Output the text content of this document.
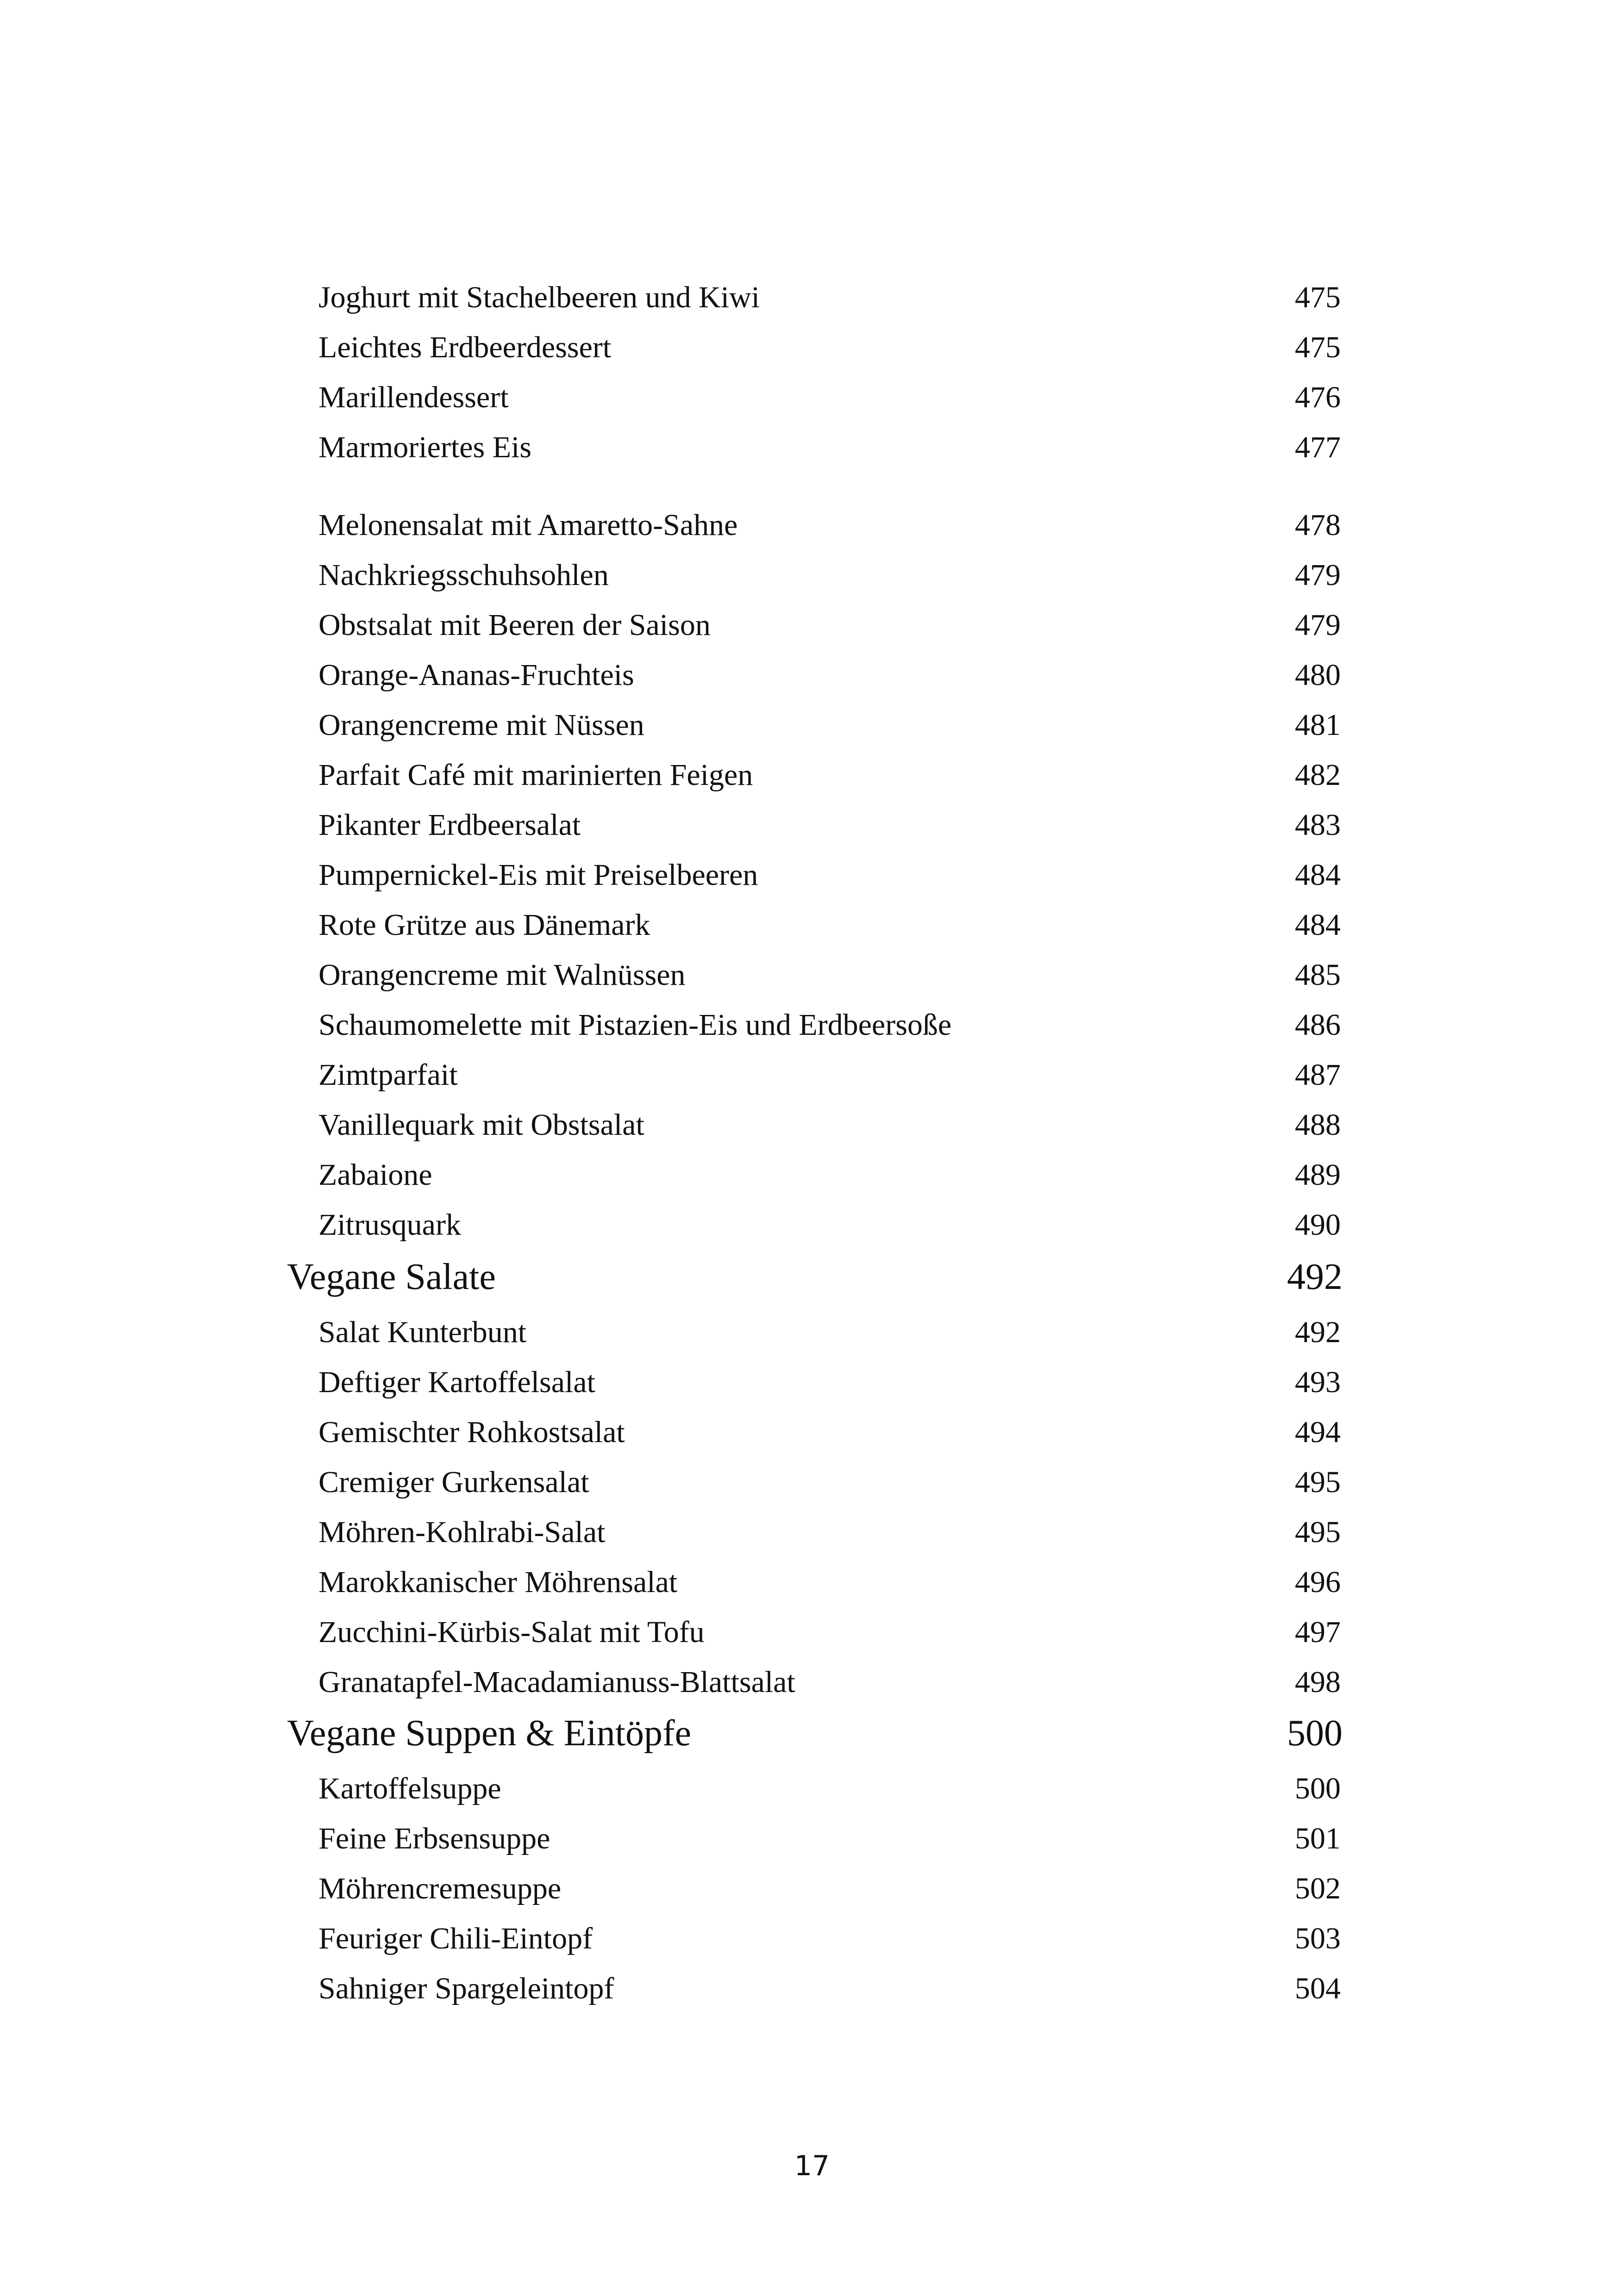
Joghurt mit Stachelbeeren und Kiwi	475
Leichtes Erdbeerdessert	475
Marillendessert	476
Marmoriertes Eis	477
Melonensalat mit Amaretto-Sahne	478
Nachkriegsschuhsohlen	479
Obstsalat mit Beeren der Saison	479
Orange-Ananas-Fruchteis	480
Orangencreme mit Nüssen	481
Parfait Café mit marinierten Feigen	482
Pikanter Erdbeersalat	483
Pumpernickel-Eis mit Preiselbeeren	484
Rote Grütze aus Dänemark	484
Orangencreme mit Walnüssen	485
Schaumomelette mit Pistazien-Eis und Erdbeersoße	486
Zimtparfait	487
Vanillequark mit Obstsalat	488
Zabaione	489
Zitrusquark	490
Vegane Salate	492
Salat Kunterbunt	492
Deftiger Kartoffelsalat	493
Gemischter Rohkostsalat	494
Cremiger Gurkensalat	495
Möhren-Kohlrabi-Salat	495
Marokkanischer Möhrensalat	496
Zucchini-Kürbis-Salat mit Tofu	497
Granatapfel-Macadamianuss-Blattsalat	498
Vegane Suppen & Eintöpfe	500
Kartoffelsuppe	500
Feine Erbsensuppe	501
Möhrencremesuppe	502
Feuriger Chili-Eintopf	503
Sahniger Spargeleintopf	504
17
